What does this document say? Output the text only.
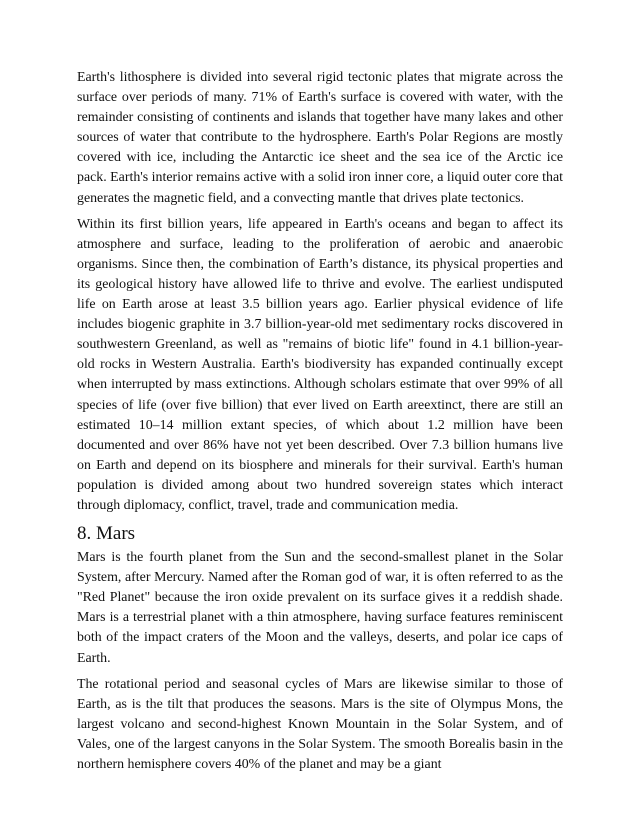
Earth's lithosphere is divided into several rigid tectonic plates that migrate across the surface over periods of many. 71% of Earth's surface is covered with water, with the remainder consisting of continents and islands that together have many lakes and other sources of water that contribute to the hydrosphere. Earth's Polar Regions are mostly covered with ice, including the Antarctic ice sheet and the sea ice of the Arctic ice pack. Earth's interior remains active with a solid iron inner core, a liquid outer core that generates the magnetic field, and a convecting mantle that drives plate tectonics.

Within its first billion years, life appeared in Earth's oceans and began to affect its atmosphere and surface, leading to the proliferation of aerobic and anaerobic organisms. Since then, the combination of Earth’s distance, its physical properties and its geological history have allowed life to thrive and evolve. The earliest undisputed life on Earth arose at least 3.5 billion years ago. Earlier physical evidence of life includes biogenic graphite in 3.7 billion-year-old met sedimentary rocks discovered in southwestern Greenland, as well as "remains of biotic life" found in 4.1 billion-year-old rocks in Western Australia. Earth's biodiversity has expanded continually except when interrupted by mass extinctions. Although scholars estimate that over 99% of all species of life (over five billion) that ever lived on Earth areextinct, there are still an estimated 10–14 million extant species, of which about 1.2 million have been documented and over 86% have not yet been described. Over 7.3 billion humans live on Earth and depend on its biosphere and minerals for their survival. Earth's human population is divided among about two hundred sovereign states which interact through diplomacy, conflict, travel, trade and communication media.

8. Mars

Mars is the fourth planet from the Sun and the second-smallest planet in the Solar System, after Mercury. Named after the Roman god of war, it is often referred to as the "Red Planet" because the iron oxide prevalent on its surface gives it a reddish shade. Mars is a terrestrial planet with a thin atmosphere, having surface features reminiscent both of the impact craters of the Moon and the valleys, deserts, and polar ice caps of Earth.

The rotational period and seasonal cycles of Mars are likewise similar to those of Earth, as is the tilt that produces the seasons. Mars is the site of Olympus Mons, the largest volcano and second-highest Known Mountain in the Solar System, and of Vales, one of the largest canyons in the Solar System. The smooth Borealis basin in the northern hemisphere covers 40% of the planet and may be a giant
